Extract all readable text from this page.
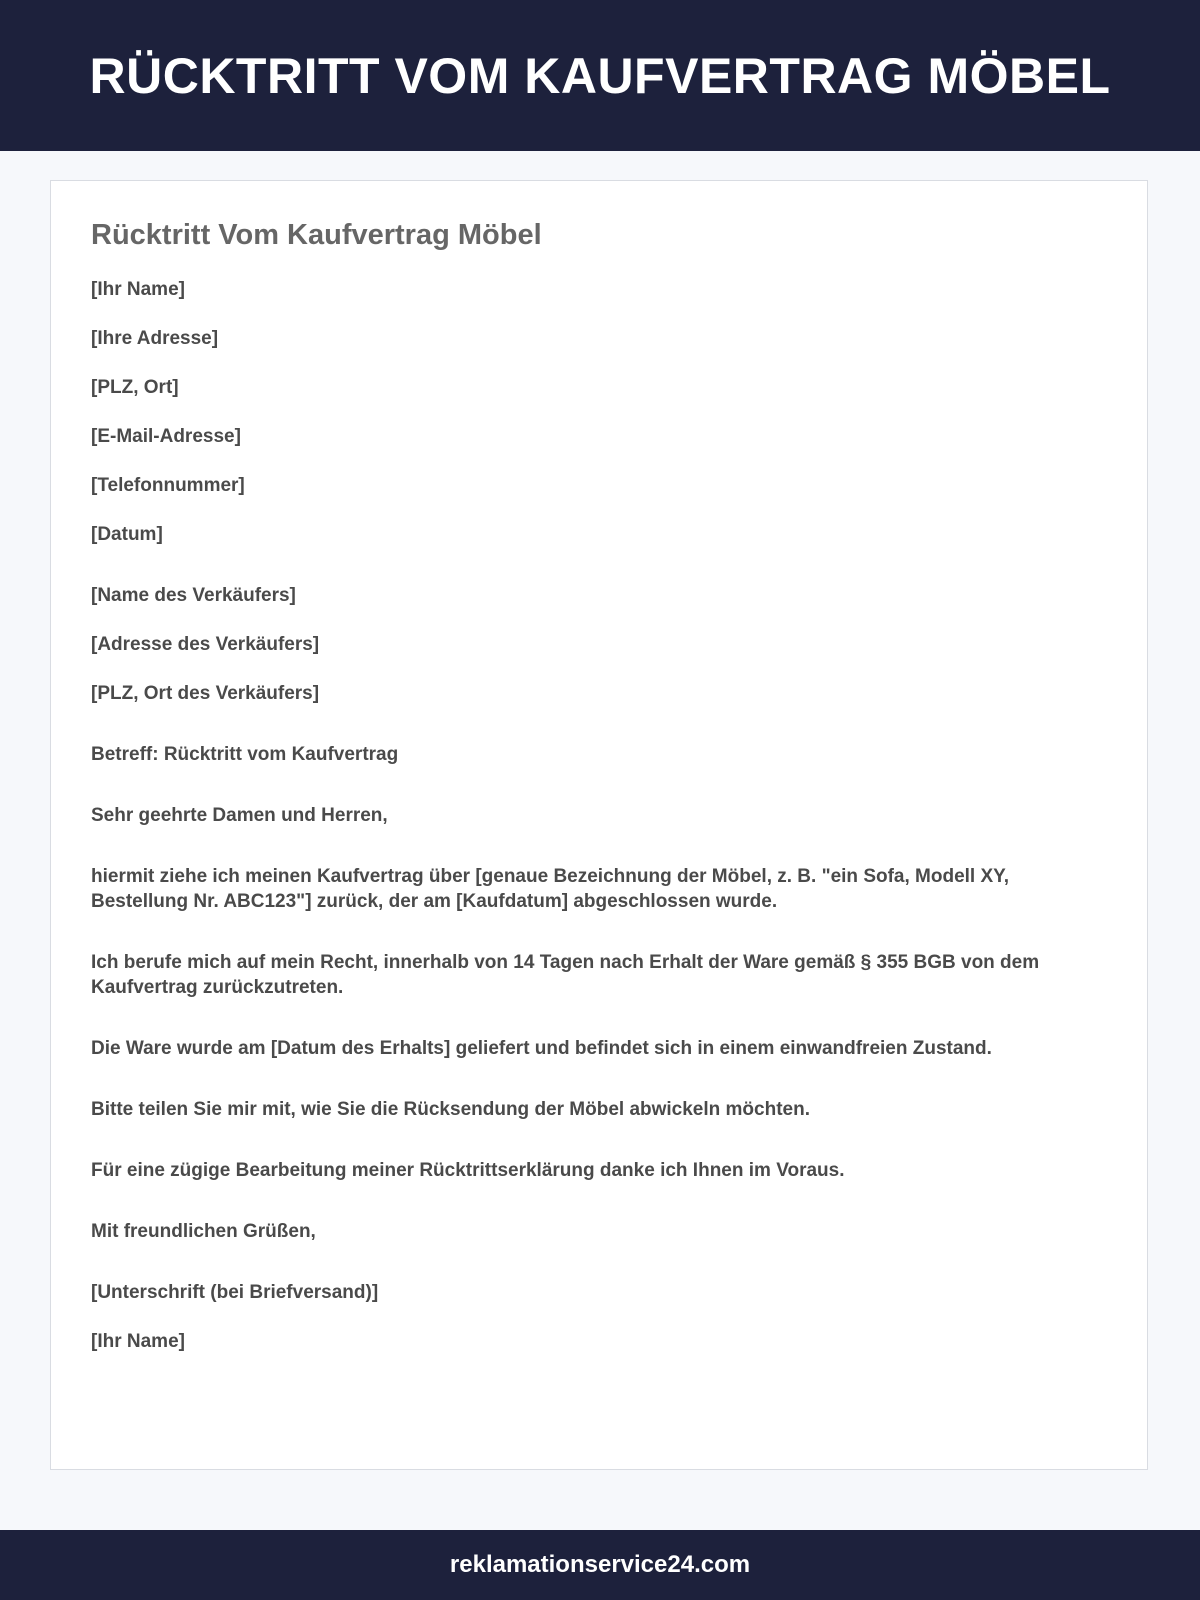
RÜCKTRITT VOM KAUFVERTRAG MÖBEL
Rücktritt Vom Kaufvertrag Möbel

[Ihr Name]

[Ihre Adresse]

[PLZ, Ort]

[E-Mail-Adresse]

[Telefonnummer]

[Datum]

[Name des Verkäufers]

[Adresse des Verkäufers]

[PLZ, Ort des Verkäufers]

Betreff: Rücktritt vom Kaufvertrag

Sehr geehrte Damen und Herren,

hiermit ziehe ich meinen Kaufvertrag über [genaue Bezeichnung der Möbel, z. B. "ein Sofa, Modell XY, Bestellung Nr. ABC123"] zurück, der am [Kaufdatum] abgeschlossen wurde.

Ich berufe mich auf mein Recht, innerhalb von 14 Tagen nach Erhalt der Ware gemäß § 355 BGB von dem Kaufvertrag zurückzutreten.

Die Ware wurde am [Datum des Erhalts] geliefert und befindet sich in einem einwandfreien Zustand.

Bitte teilen Sie mir mit, wie Sie die Rücksendung der Möbel abwickeln möchten.

Für eine zügige Bearbeitung meiner Rücktrittserklärung danke ich Ihnen im Voraus.

Mit freundlichen Grüßen,

[Unterschrift (bei Briefversand)]

[Ihr Name]

reklamationservice24.com
